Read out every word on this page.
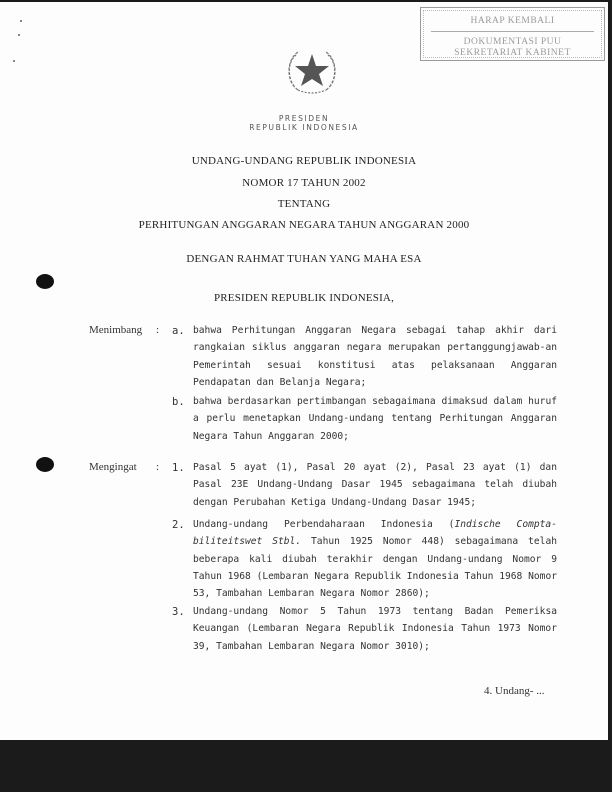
HARAP KEMBALI
DOKUMENTASI PUU
SEKRETARIAT KABINET
PRESIDEN
REPUBLIK INDONESIA
UNDANG-UNDANG REPUBLIK INDONESIA
NOMOR 17 TAHUN 2002
TENTANG
PERHITUNGAN ANGGARAN NEGARA TAHUN ANGGARAN 2000
DENGAN RAHMAT TUHAN YANG MAHA ESA
PRESIDEN REPUBLIK INDONESIA,
Menimbang : a. bahwa Perhitungan Anggaran Negara sebagai tahap akhir dari rangkaian siklus anggaran negara merupakan pertanggungjawab-an Pemerintah sesuai konstitusi atas pelaksanaan Anggaran Pendapatan dan Belanja Negara;
b. bahwa berdasarkan pertimbangan sebagaimana dimaksud dalam huruf a perlu menetapkan Undang-undang tentang Perhitungan Anggaran Negara Tahun Anggaran 2000;
Mengingat : 1. Pasal 5 ayat (1), Pasal 20 ayat (2), Pasal 23 ayat (1) dan Pasal 23E Undang-Undang Dasar 1945 sebagaimana telah diubah dengan Perubahan Ketiga Undang-Undang Dasar 1945;
2. Undang-undang Perbendaharaan Indonesia (Indische Compta-biliteitswet Stbl. Tahun 1925 Nomor 448) sebagaimana telah beberapa kali diubah terakhir dengan Undang-undang Nomor 9 Tahun 1968 (Lembaran Negara Republik Indonesia Tahun 1968 Nomor 53, Tambahan Lembaran Negara Nomor 2860);
3. Undang-undang Nomor 5 Tahun 1973 tentang Badan Pemeriksa Keuangan (Lembaran Negara Republik Indonesia Tahun 1973 Nomor 39, Tambahan Lembaran Negara Nomor 3010);
4. Undang- ...
